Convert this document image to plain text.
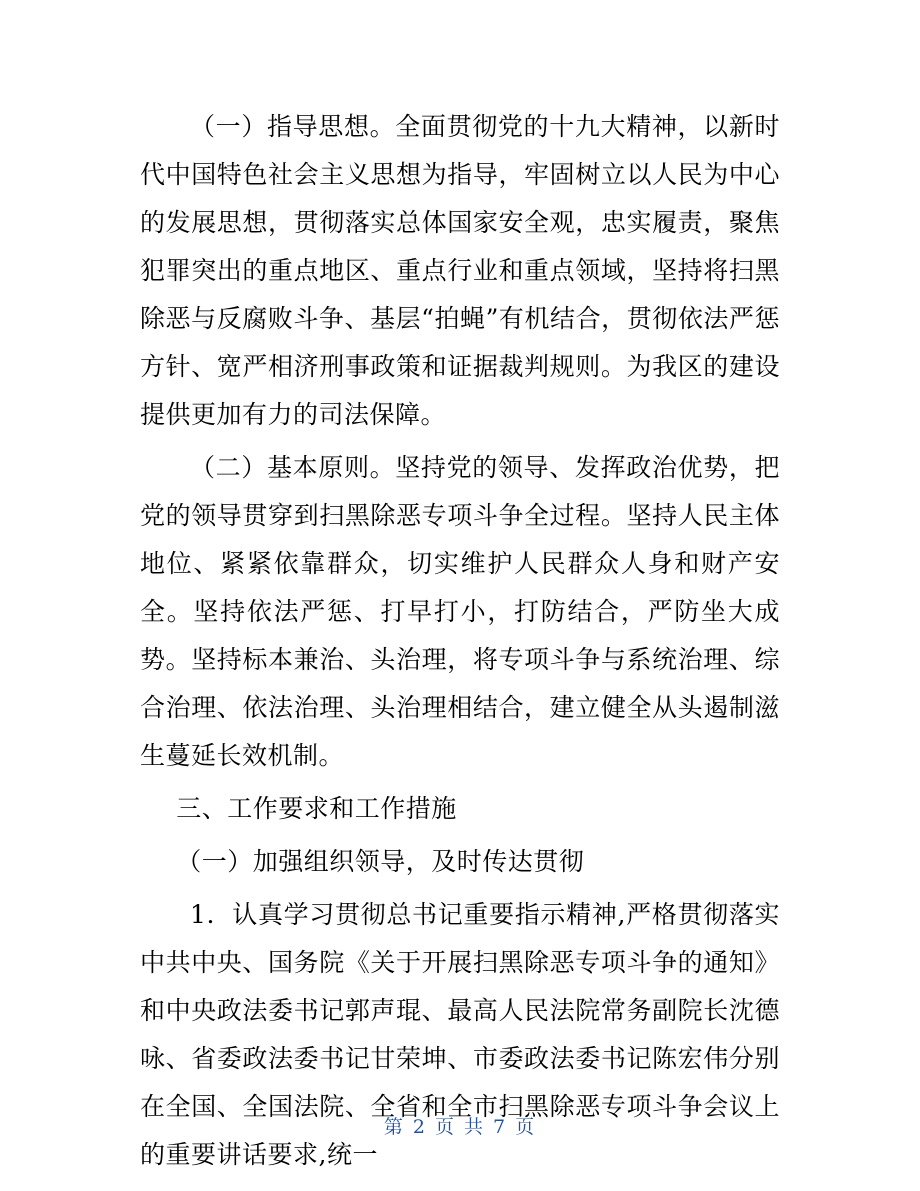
（一）指导思想。全面贯彻党的十九大精神，以新时代中国特色社会主义思想为指导，牢固树立以人民为中心的发展思想，贯彻落实总体国家安全观，忠实履责，聚焦犯罪突出的重点地区、重点行业和重点领域，坚持将扫黑除恶与反腐败斗争、基层“拍蝇”有机结合，贯彻依法严惩方针、宽严相济刑事政策和证据裁判规则。为我区的建设提供更加有力的司法保障。

（二）基本原则。坚持党的领导、发挥政治优势，把党的领导贯穿到扫黑除恶专项斗争全过程。坚持人民主体地位、紧紧依靠群众，切实维护人民群众人身和财产安全。坚持依法严惩、打早打小，打防结合，严防坐大成势。坚持标本兼治、头治理，将专项斗争与系统治理、综合治理、依法治理、头治理相结合，建立健全从头遏制滋生蔓延长效机制。

三、工作要求和工作措施

（一）加强组织领导，及时传达贯彻

1．认真学习贯彻总书记重要指示精神,严格贯彻落实中共中央、国务院《关于开展扫黑除恶专项斗争的通知》和中央政法委书记郭声琨、最高人民法院常务副院长沈德咏、省委政法委书记甘荣坤、市委政法委书记陈宏伟分别在全国、全国法院、全省和全市扫黑除恶专项斗争会议上的重要讲话要求,统一

第 2 页 共 7 页
